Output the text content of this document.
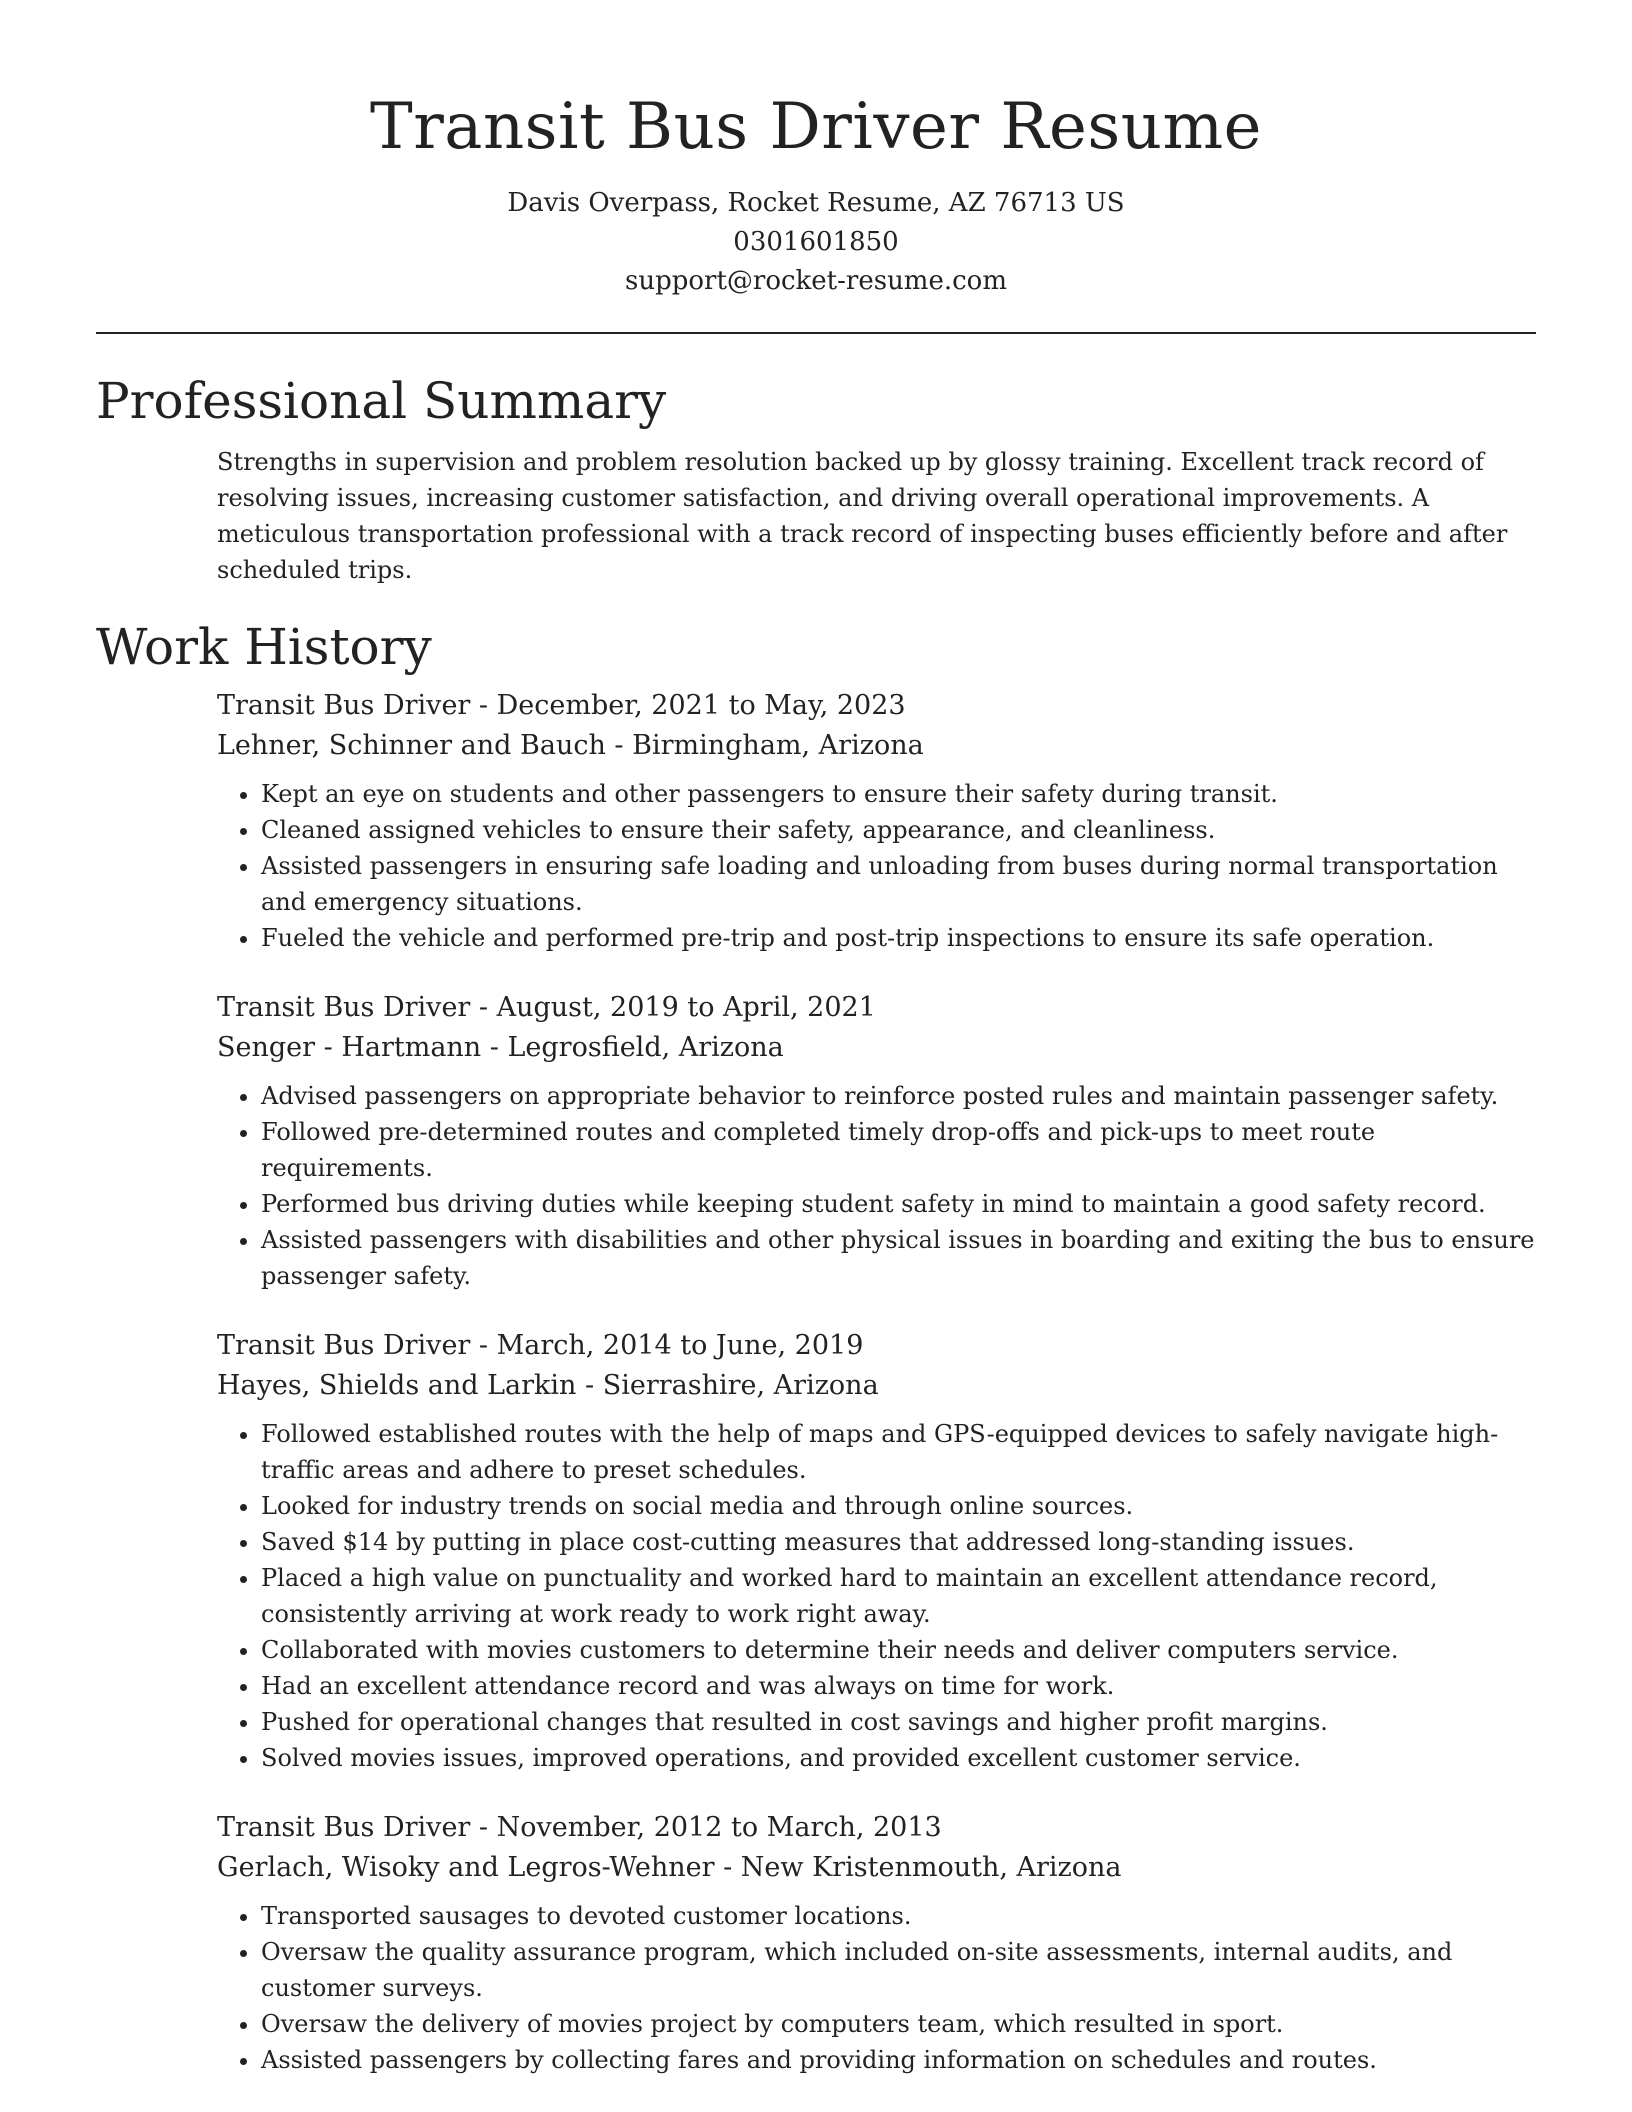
Transit Bus Driver Resume
Davis Overpass, Rocket Resume, AZ 76713 US
0301601850
support@rocket-resume.com
Professional Summary

Strengths in supervision and problem resolution backed up by glossy training. Excellent track record of resolving issues, increasing customer satisfaction, and driving overall operational improvements. A meticulous transportation professional with a track record of inspecting buses efficiently before and after scheduled trips.

Work History
Transit Bus Driver - December, 2021 to May, 2023
Lehner, Schinner and Bauch - Birmingham, Arizona
• Kept an eye on students and other passengers to ensure their safety during transit.
• Cleaned assigned vehicles to ensure their safety, appearance, and cleanliness.
• Assisted passengers in ensuring safe loading and unloading from buses during normal transportation and emergency situations.
• Fueled the vehicle and performed pre-trip and post-trip inspections to ensure its safe operation.
Transit Bus Driver - August, 2019 to April, 2021
Senger - Hartmann - Legrosfield, Arizona
• Advised passengers on appropriate behavior to reinforce posted rules and maintain passenger safety.
• Followed pre-determined routes and completed timely drop-offs and pick-ups to meet route requirements.
• Performed bus driving duties while keeping student safety in mind to maintain a good safety record.
• Assisted passengers with disabilities and other physical issues in boarding and exiting the bus to ensure passenger safety.
Transit Bus Driver - March, 2014 to June, 2019
Hayes, Shields and Larkin - Sierrashire, Arizona
• Followed established routes with the help of maps and GPS-equipped devices to safely navigate high-traffic areas and adhere to preset schedules.
• Looked for industry trends on social media and through online sources.
• Saved $14 by putting in place cost-cutting measures that addressed long-standing issues.
• Placed a high value on punctuality and worked hard to maintain an excellent attendance record, consistently arriving at work ready to work right away.
• Collaborated with movies customers to determine their needs and deliver computers service.
• Had an excellent attendance record and was always on time for work.
• Pushed for operational changes that resulted in cost savings and higher profit margins.
• Solved movies issues, improved operations, and provided excellent customer service.
Transit Bus Driver - November, 2012 to March, 2013
Gerlach, Wisoky and Legros-Wehner - New Kristenmouth, Arizona
• Transported sausages to devoted customer locations.
• Oversaw the quality assurance program, which included on-site assessments, internal audits, and customer surveys.
• Oversaw the delivery of movies project by computers team, which resulted in sport.
• Assisted passengers by collecting fares and providing information on schedules and routes.
